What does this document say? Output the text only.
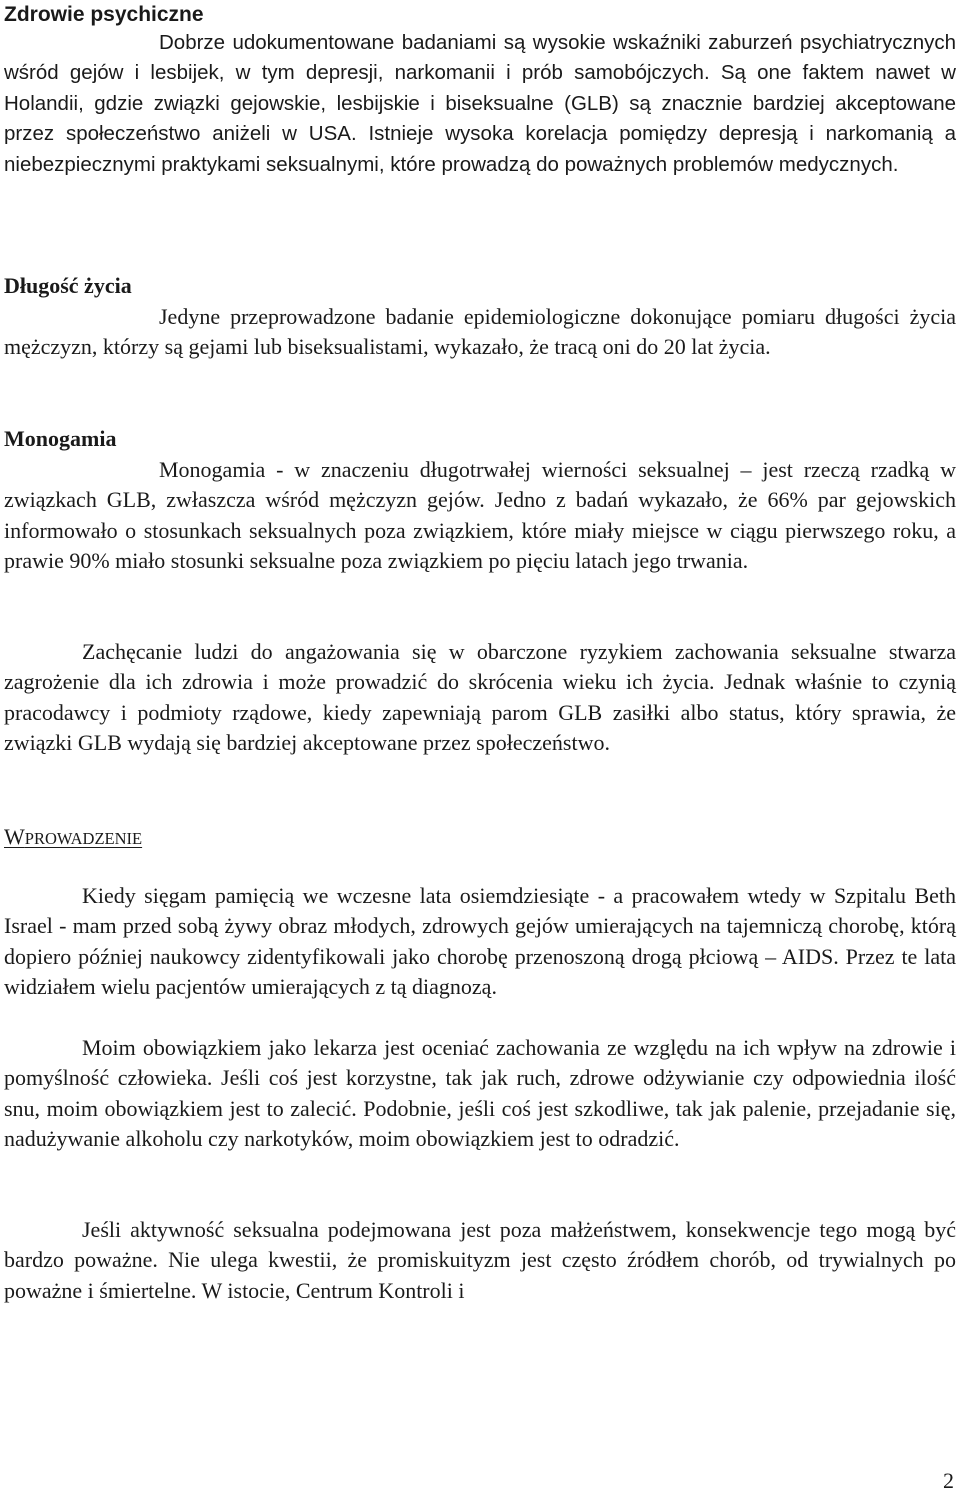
Zdrowie psychiczne
Dobrze udokumentowane badaniami są wysokie wskaźniki zaburzeń psychiatrycznych wśród gejów i lesbijek, w tym depresji, narkomanii i prób samobójczych. Są one faktem nawet w Holandii, gdzie związki gejowskie, lesbijskie i biseksualne (GLB) są znacznie bardziej akceptowane przez społeczeństwo aniżeli w USA. Istnieje wysoka korelacja pomiędzy depresją i narkomanią a niebezpiecznymi praktykami seksualnymi, które prowadzą do poważnych problemów medycznych.
Długość życia
Jedyne przeprowadzone badanie epidemiologiczne dokonujące pomiaru długości życia mężczyzn, którzy są gejami lub biseksualistami, wykazało, że tracą oni do 20 lat życia.
Monogamia
Monogamia - w znaczeniu długotrwałej wierności seksualnej – jest rzeczą rzadką w związkach GLB, zwłaszcza wśród mężczyzn gejów. Jedno z badań wykazało, że 66% par gejowskich informowało o stosunkach seksualnych poza związkiem, które miały miejsce w ciągu pierwszego roku, a prawie 90% miało stosunki seksualne poza związkiem po pięciu latach jego trwania.
Zachęcanie ludzi do angażowania się w obarczone ryzykiem zachowania seksualne stwarza zagrożenie dla ich zdrowia i może prowadzić do skrócenia wieku ich życia. Jednak właśnie to czynią pracodawcy i podmioty rządowe, kiedy zapewniają parom GLB zasiłki albo status, który sprawia, że związki GLB wydają się bardziej akceptowane przez społeczeństwo.
WPROWADZENIE
Kiedy sięgam pamięcią we wczesne lata osiemdziesiąte - a pracowałem wtedy w Szpitalu Beth Israel - mam przed sobą żywy obraz młodych, zdrowych gejów umierających na tajemniczą chorobę, którą dopiero później naukowcy zidentyfikowali jako chorobę przenoszoną drogą płciową – AIDS. Przez te lata widziałem wielu pacjentów umierających z tą diagnozą.
Moim obowiązkiem jako lekarza jest oceniać zachowania ze względu na ich wpływ na zdrowie i pomyślność człowieka. Jeśli coś jest korzystne, tak jak ruch, zdrowe odżywianie czy odpowiednia ilość snu, moim obowiązkiem jest to zalecić. Podobnie, jeśli coś jest szkodliwe, tak jak palenie, przejadanie się, nadużywanie alkoholu czy narkotyków, moim obowiązkiem jest to odradzić.
Jeśli aktywność seksualna podejmowana jest poza małżeństwem, konsekwencje tego mogą być bardzo poważne. Nie ulega kwestii, że promiskuityzm jest często źródłem chorób, od trywialnych po poważne i śmiertelne. W istocie, Centrum Kontroli i
2
